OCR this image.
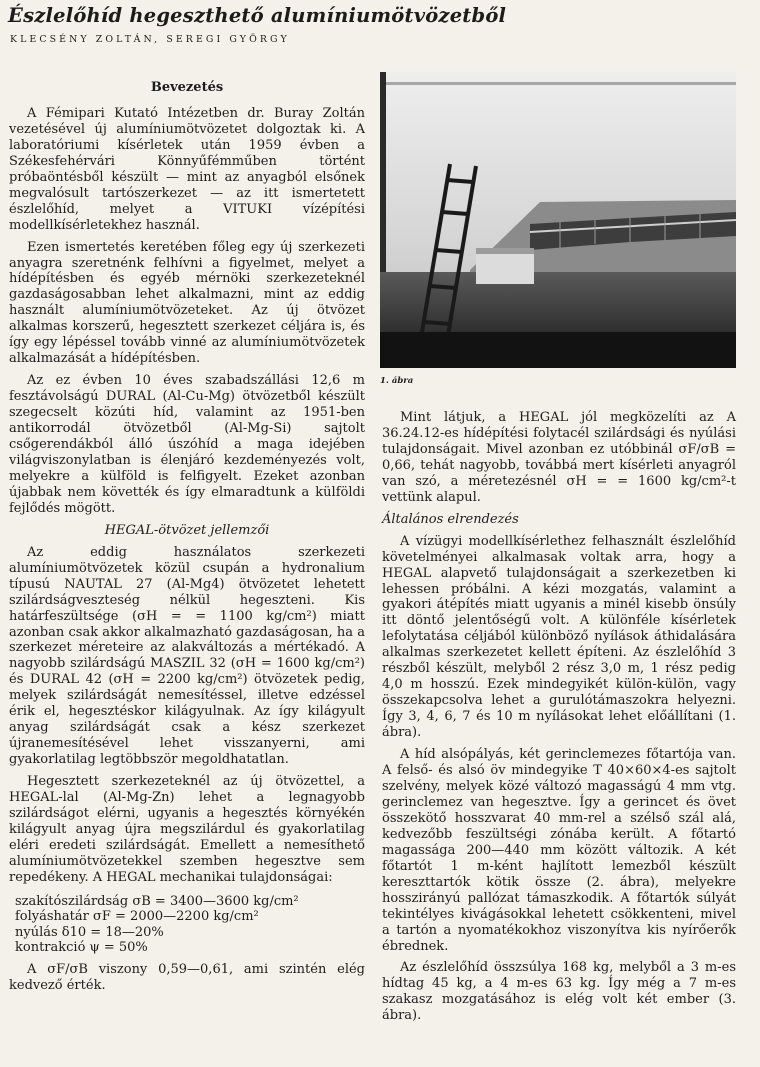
Észlelőhíd hegeszthető alumíniumötvözetből
KLECSÉNY ZOLTÁN, SEREGI GYÖRGY
Bevezetés

A Fémipari Kutató Intézetben dr. Buray Zoltán vezetésével új alumíniumötvözetet dolgoztak ki. A laboratóriumi kísérletek után 1959 évben a Székesfehérvári Könnyűfémműben történt próbaöntésből készült — mint az anyagból elsőnek megvalósult tartószerkezet — az itt ismertetett észlelőhíd, melyet a VITUKI vízépítési modellkísérletekhez használ.

Ezen ismertetés keretében főleg egy új szerkezeti anyagra szeretnénk felhívni a figyelmet, melyet a hídépítésben és egyéb mérnöki szerkezeteknél gazdaságosabban lehet alkalmazni, mint az eddig használt alumíniumötvözeteket. Az új ötvözet alkalmas korszerű, hegesztett szerkezet céljára is, és így egy lépéssel tovább vinné az alumíniumötvözetek alkalmazását a hídépítésben.

Az ez évben 10 éves szabadszállási 12,6 m fesztávolságú DURAL (Al-Cu-Mg) ötvözetből készült szegecselt közúti híd, valamint az 1951-ben antikorrodál ötvözetből (Al-Mg-Si) sajtolt csőgerendákból álló úszóhíd a maga idejében világviszonylatban is élenjáró kezdeményezés volt, melyekre a külföld is felfigyelt. Ezeket azonban újabbak nem követték és így elmaradtunk a külföldi fejlődés mögött.

HEGAL-ötvözet jellemzői

Az eddig használatos szerkezeti alumíniumötvözetek közül csupán a hydronalium típusú NAUTAL 27 (Al-Mg4) ötvözetet lehetett szilárdságveszteség nélkül hegeszteni. Kis határfeszültsége (σH = = 1100 kg/cm²) miatt azonban csak akkor alkalmazható gazdaságosan, ha a szerkezet méreteire az alakváltozás a mértékadó. A nagyobb szilárdságú MASZIL 32 (σH = 1600 kg/cm²) és DURAL 42 (σH = 2200 kg/cm²) ötvözetek pedig, melyek szilárdságát nemesítéssel, illetve edzéssel érik el, hegesztéskor kilágyulnak. Az így kilágyult anyag szilárdságát csak a kész szerkezet újranemesítésével lehet visszanyerni, ami gyakorlatilag legtöbbször megoldhatatlan.

Hegesztett szerkezeteknél az új ötvözettel, a HEGAL-lal (Al-Mg-Zn) lehet a legnagyobb szilárdságot elérni, ugyanis a hegesztés környékén kilágyult anyag újra megszilárdul és gyakorlatilag eléri eredeti szilárdságát. Emellett a nemesíthető alumíniumötvözetekkel szemben hegesztve sem repedékeny. A HEGAL mechanikai tulajdonságai:

szakítószilárdság σB = 3400—3600 kg/cm²
folyáshatár σF = 2000—2200 kg/cm²
nyúlás δ10 = 18—20%
kontrakció ψ = 50%

A σF/σB viszony 0,59—0,61, ami szintén elég kedvező érték.

1. ábra

Mint látjuk, a HEGAL jól megközelíti az A 36.24.12-es hídépítési folytacél szilárdsági és nyúlási tulajdonságait. Mivel azonban ez utóbbinál σF/σB = 0,66, tehát nagyobb, továbbá mert kísérleti anyagról van szó, a méretezésnél σH = = 1600 kg/cm²-t vettünk alapul.

Általános elrendezés

A vízügyi modellkísérlethez felhasznált észlelőhíd követelményei alkalmasak voltak arra, hogy a HEGAL alapvető tulajdonságait a szerkezetben ki lehessen próbálni. A kézi mozgatás, valamint a gyakori átépítés miatt ugyanis a minél kisebb önsúly itt döntő jelentőségű volt. A különféle kísérletek lefolytatása céljából különböző nyílások áthidalására alkalmas szerkezetet kellett építeni. Az észlelőhíd 3 részből készült, melyből 2 rész 3,0 m, 1 rész pedig 4,0 m hosszú. Ezek mindegyikét külön-külön, vagy összekapcsolva lehet a gurulótámaszokra helyezni. Így 3, 4, 6, 7 és 10 m nyílásokat lehet előállítani (1. ábra).

A híd alsópályás, két gerinclemezes főtartója van. A felső- és alsó öv mindegyike T 40×60×4-es sajtolt szelvény, melyek közé változó magasságú 4 mm vtg. gerinclemez van hegesztve. Így a gerincet és övet összekötő hosszvarat 40 mm-rel a szélső szál alá, kedvezőbb feszültségi zónába került. A főtartó magassága 200—440 mm között változik. A két főtartót 1 m-ként hajlított lemezből készült kereszttartók kötik össze (2. ábra), melyekre hosszirányú pallózat támaszkodik. A főtartók súlyát tekintélyes kivágásokkal lehetett csökkenteni, mivel a tartón a nyomatékokhoz viszonyítva kis nyírőerők ébrednek.

Az észlelőhíd összsúlya 168 kg, melyből a 3 m-es hídtag 45 kg, a 4 m-es 63 kg. Így még a 7 m-es szakasz mozgatásához is elég volt két ember (3. ábra).
